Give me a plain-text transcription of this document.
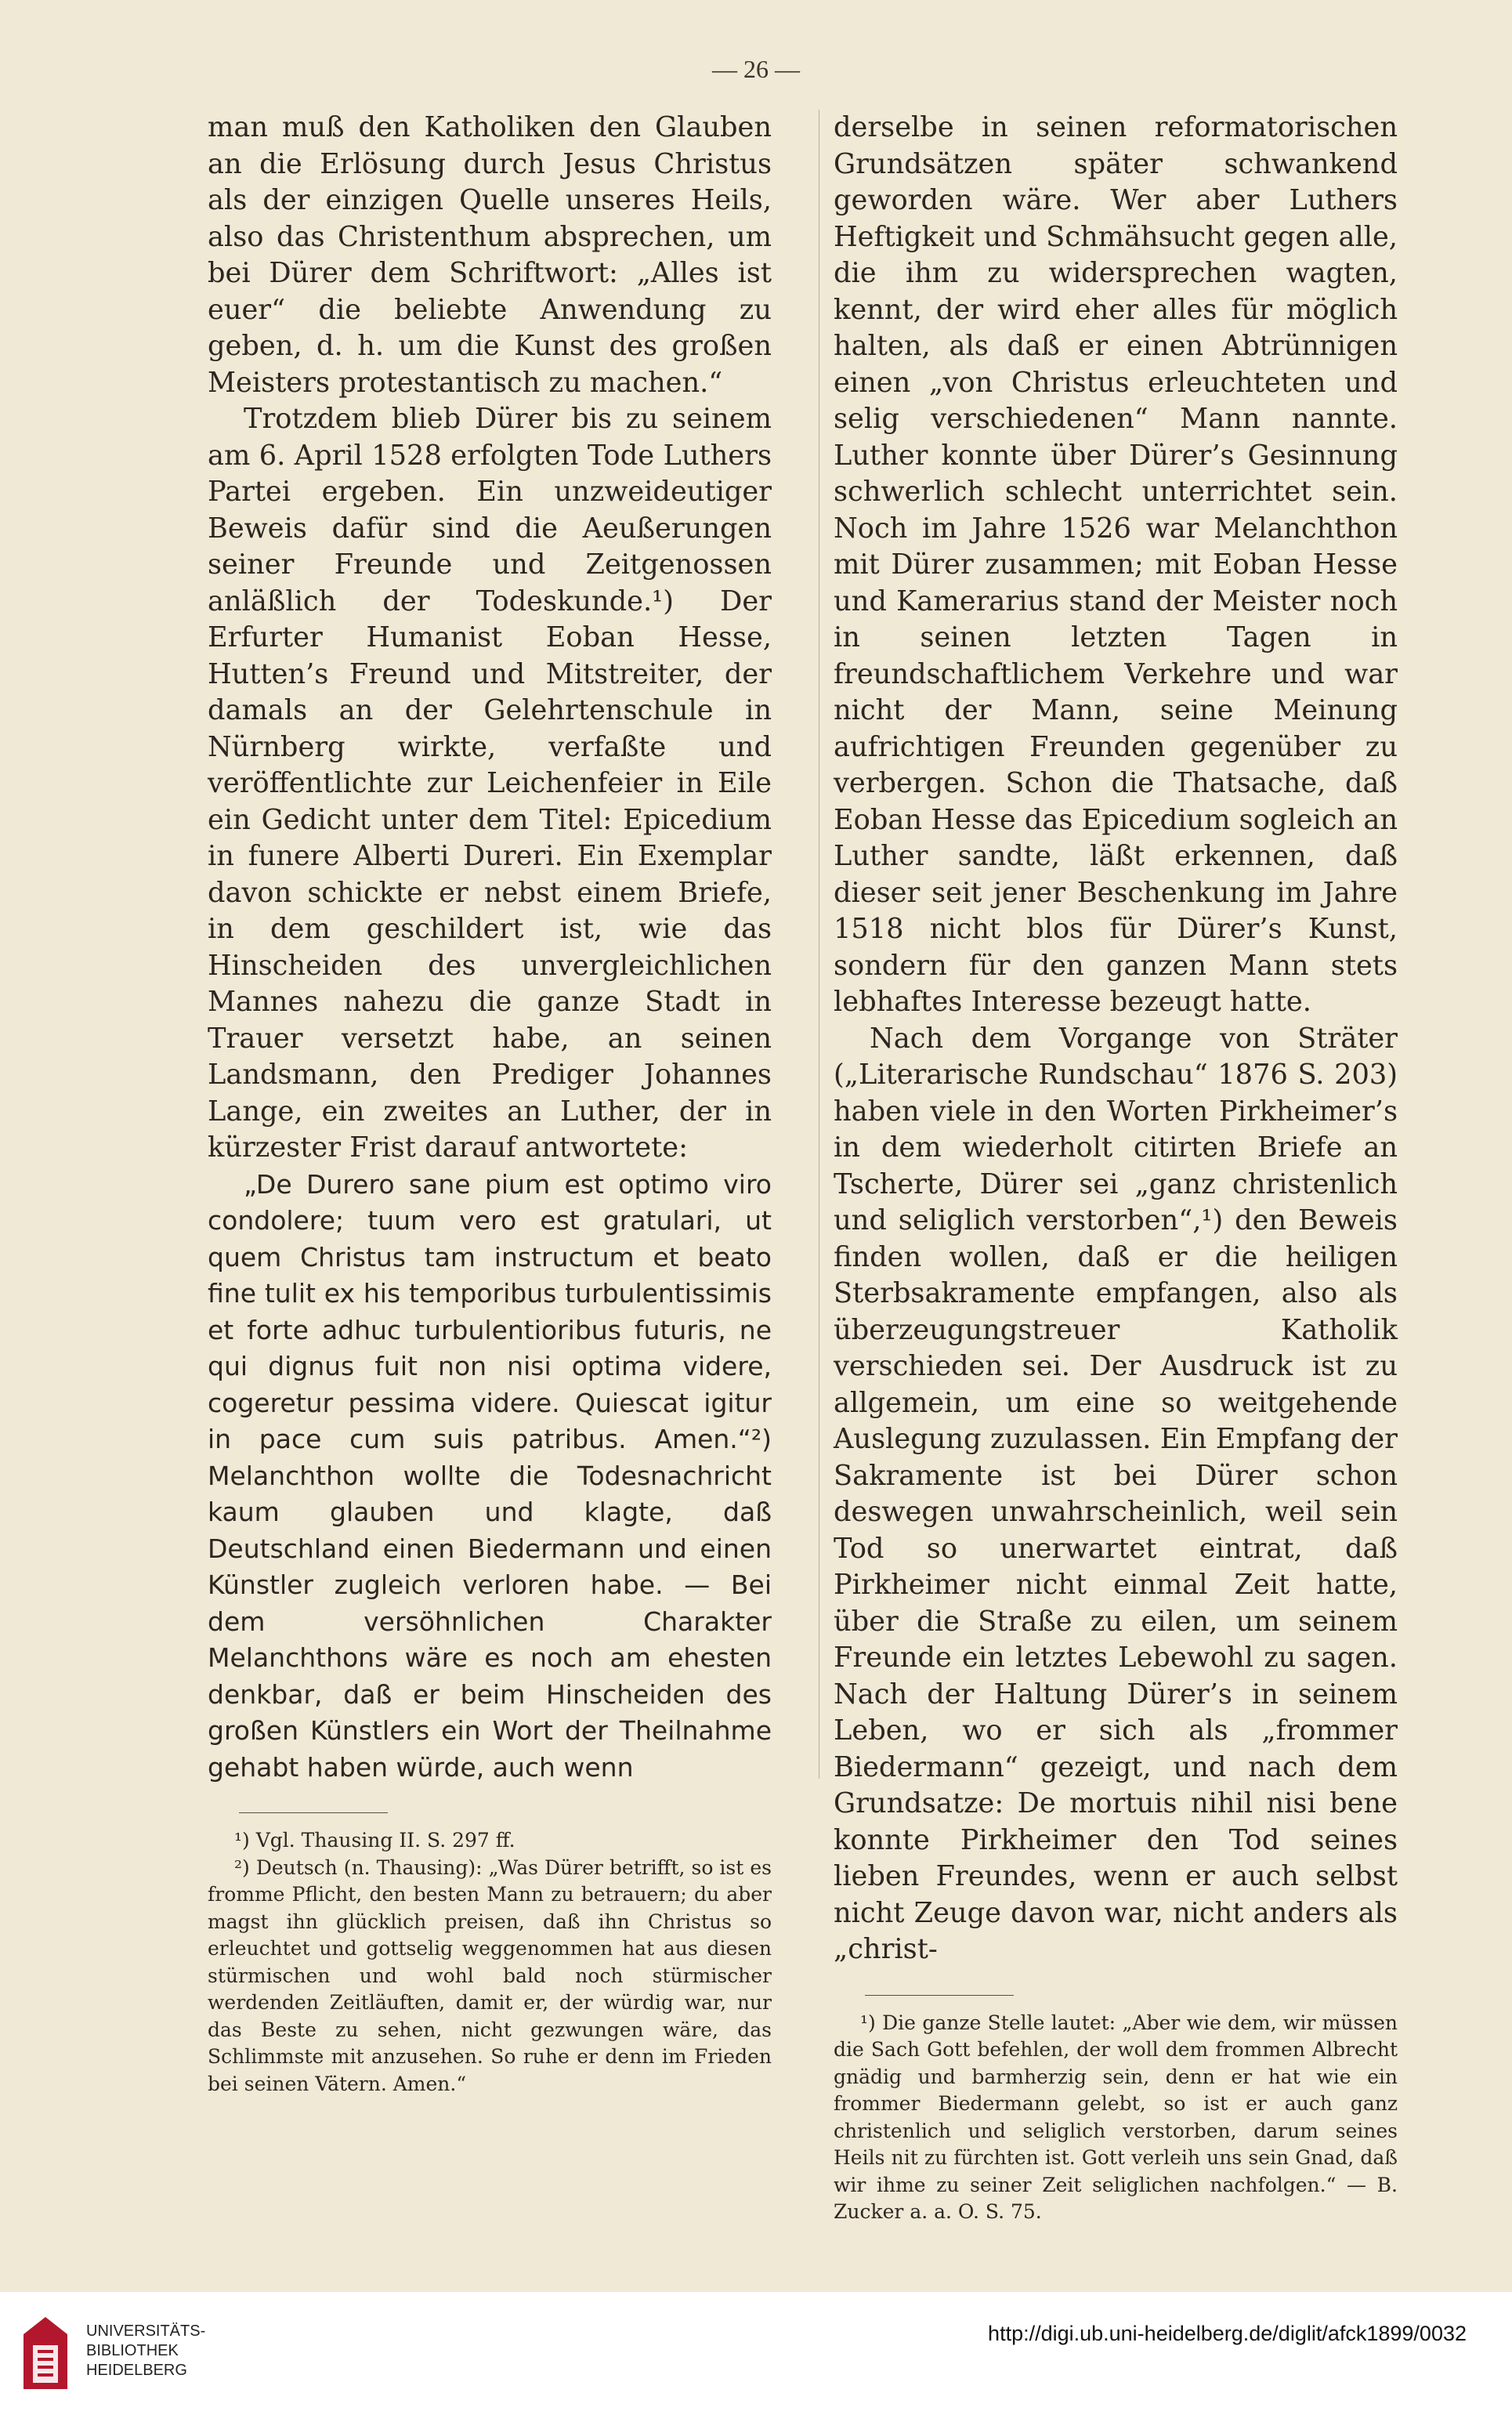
— 26 —

man muß den Katholiken den Glauben an die Erlösung durch Jesus Christus als der einzigen Quelle unseres Heils, also das Christenthum absprechen, um bei Dürer dem Schriftwort: „Alles ist euer“ die beliebte Anwendung zu geben, d. h. um die Kunst des großen Meisters protestantisch zu machen.“

Trotzdem blieb Dürer bis zu seinem am 6. April 1528 erfolgten Tode Luthers Partei ergeben. Ein unzweideutiger Beweis dafür sind die Aeußerungen seiner Freunde und Zeitgenossen anläßlich der Todeskunde.¹) Der Erfurter Humanist Eoban Hesse, Hutten’s Freund und Mitstreiter, der damals an der Gelehrtenschule in Nürnberg wirkte, verfaßte und veröffentlichte zur Leichenfeier in Eile ein Gedicht unter dem Titel: Epicedium in funere Alberti Dureri. Ein Exemplar davon schickte er nebst einem Briefe, in dem geschildert ist, wie das Hinscheiden des unvergleichlichen Mannes nahezu die ganze Stadt in Trauer versetzt habe, an seinen Landsmann, den Prediger Johannes Lange, ein zweites an Luther, der in kürzester Frist darauf antwortete:

„De Durero sane pium est optimo viro condolere; tuum vero est gratulari, ut quem Christus tam instructum et beato fine tulit ex his temporibus turbulentissimis et forte adhuc turbulentioribus futuris, ne qui dignus fuit non nisi optima videre, cogeretur pessima videre. Quiescat igitur in pace cum suis patribus. Amen.“²) Melanchthon wollte die Todesnachricht kaum glauben und klagte, daß Deutschland einen Biedermann und einen Künstler zugleich verloren habe. — Bei dem versöhnlichen Charakter Melanchthons wäre es noch am ehesten denkbar, daß er beim Hinscheiden des großen Künstlers ein Wort der Theilnahme gehabt haben würde, auch wenn

¹) Vgl. Thausing II. S. 297 ff.

²) Deutsch (n. Thausing): „Was Dürer betrifft, so ist es fromme Pflicht, den besten Mann zu betrauern; du aber magst ihn glücklich preisen, daß ihn Christus so erleuchtet und gottselig weggenommen hat aus diesen stürmischen und wohl bald noch stürmischer werdenden Zeitläuften, damit er, der würdig war, nur das Beste zu sehen, nicht gezwungen wäre, das Schlimmste mit anzusehen. So ruhe er denn im Frieden bei seinen Vätern. Amen.“

derselbe in seinen reformatorischen Grundsätzen später schwankend geworden wäre. Wer aber Luthers Heftigkeit und Schmähsucht gegen alle, die ihm zu widersprechen wagten, kennt, der wird eher alles für möglich halten, als daß er einen Abtrünnigen einen „von Christus erleuchteten und selig verschiedenen“ Mann nannte. Luther konnte über Dürer’s Gesinnung schwerlich schlecht unterrichtet sein. Noch im Jahre 1526 war Melanchthon mit Dürer zusammen; mit Eoban Hesse und Kamerarius stand der Meister noch in seinen letzten Tagen in freundschaftlichem Verkehre und war nicht der Mann, seine Meinung aufrichtigen Freunden gegenüber zu verbergen. Schon die Thatsache, daß Eoban Hesse das Epicedium sogleich an Luther sandte, läßt erkennen, daß dieser seit jener Beschenkung im Jahre 1518 nicht blos für Dürer’s Kunst, sondern für den ganzen Mann stets lebhaftes Interesse bezeugt hatte.

Nach dem Vorgange von Sträter („Literarische Rundschau“ 1876 S. 203) haben viele in den Worten Pirkheimer’s in dem wiederholt citirten Briefe an Tscherte, Dürer sei „ganz christenlich und seliglich verstorben“,¹) den Beweis finden wollen, daß er die heiligen Sterbsakramente empfangen, also als überzeugungstreuer Katholik verschieden sei. Der Ausdruck ist zu allgemein, um eine so weitgehende Auslegung zuzulassen. Ein Empfang der Sakramente ist bei Dürer schon deswegen unwahrscheinlich, weil sein Tod so unerwartet eintrat, daß Pirkheimer nicht einmal Zeit hatte, über die Straße zu eilen, um seinem Freunde ein letztes Lebewohl zu sagen. Nach der Haltung Dürer’s in seinem Leben, wo er sich als „frommer Biedermann“ gezeigt, und nach dem Grundsatze: De mortuis nihil nisi bene konnte Pirkheimer den Tod seines lieben Freundes, wenn er auch selbst nicht Zeuge davon war, nicht anders als „christ-

¹) Die ganze Stelle lautet: „Aber wie dem, wir müssen die Sach Gott befehlen, der woll dem frommen Albrecht gnädig und barmherzig sein, denn er hat wie ein frommer Biedermann gelebt, so ist er auch ganz christenlich und seliglich verstorben, darum seines Heils nit zu fürchten ist. Gott verleih uns sein Gnad, daß wir ihme zu seiner Zeit seliglichen nachfolgen.“ — B. Zucker a. a. O. S. 75.

UNIVERSITÄTS-
BIBLIOTHEK
HEIDELBERG
http://digi.ub.uni-heidelberg.de/diglit/afck1899/0032
